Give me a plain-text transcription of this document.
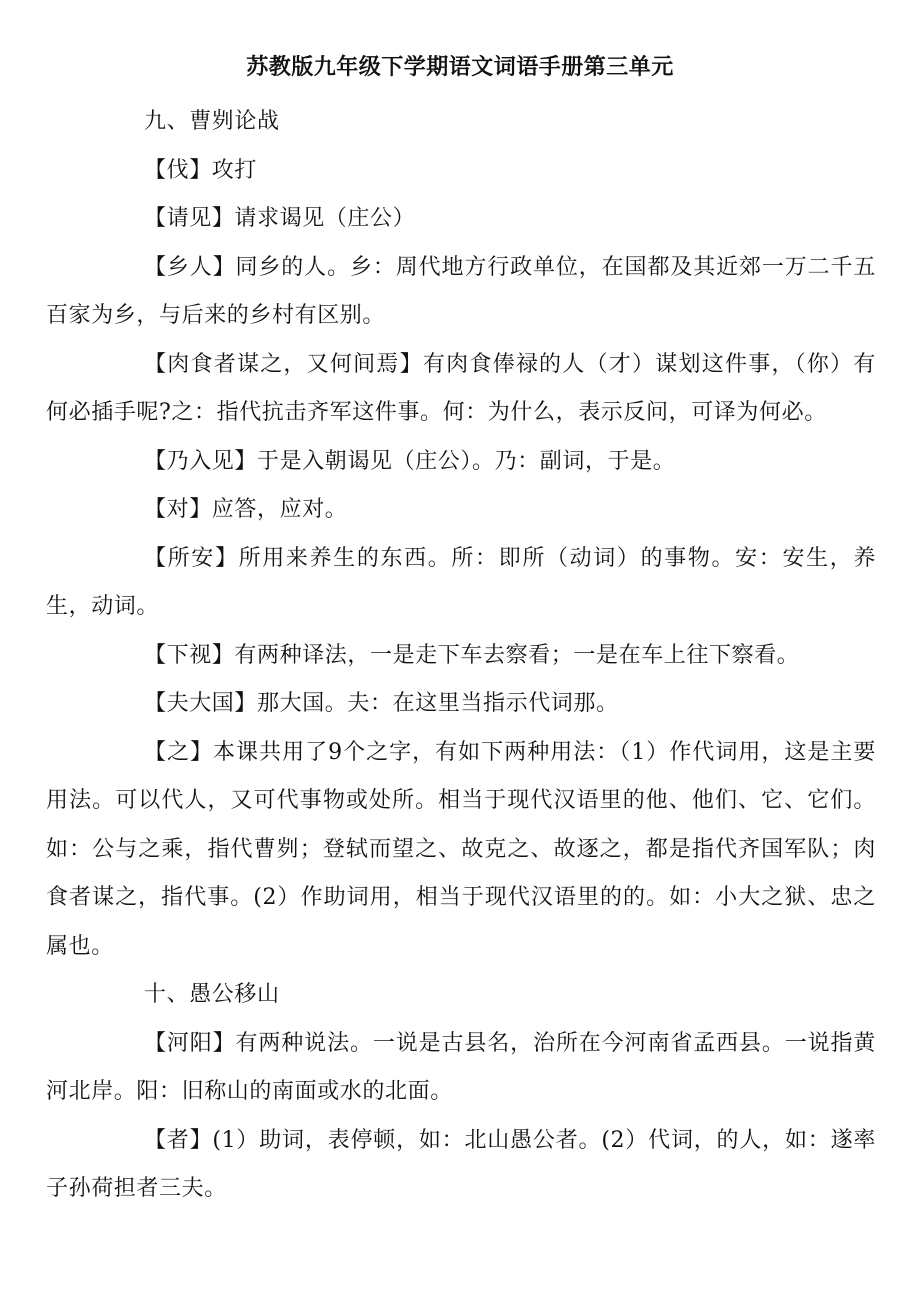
苏教版九年级下学期语文词语手册第三单元

九、曹刿论战

【伐】攻打

【请见】请求谒见（庄公）

【乡人】同乡的人。乡：周代地方行政单位，在国都及其近郊一万二千五百家为乡，与后来的乡村有区别。

【肉食者谋之，又何间焉】有肉食俸禄的人（才）谋划这件事，（你）有何必插手呢?之：指代抗击齐军这件事。何：为什么，表示反问，可译为何必。

【乃入见】于是入朝谒见（庄公）。乃：副词，于是。

【对】应答，应对。

【所安】所用来养生的东西。所：即所（动词）的事物。安：安生，养生，动词。

【下视】有两种译法，一是走下车去察看；一是在车上往下察看。

【夫大国】那大国。夫：在这里当指示代词那。

【之】本课共用了9个之字，有如下两种用法：（1）作代词用，这是主要用法。可以代人，又可代事物或处所。相当于现代汉语里的他、他们、它、它们。如：公与之乘，指代曹刿；登轼而望之、故克之、故逐之，都是指代齐国军队；肉食者谋之，指代事。(2）作助词用，相当于现代汉语里的的。如：小大之狱、忠之属也。

十、愚公移山

【河阳】有两种说法。一说是古县名，治所在今河南省孟西县。一说指黄河北岸。阳：旧称山的南面或水的北面。

【者】(1）助词，表停顿，如：北山愚公者。(2）代词，的人，如：遂率子孙荷担者三夫。
